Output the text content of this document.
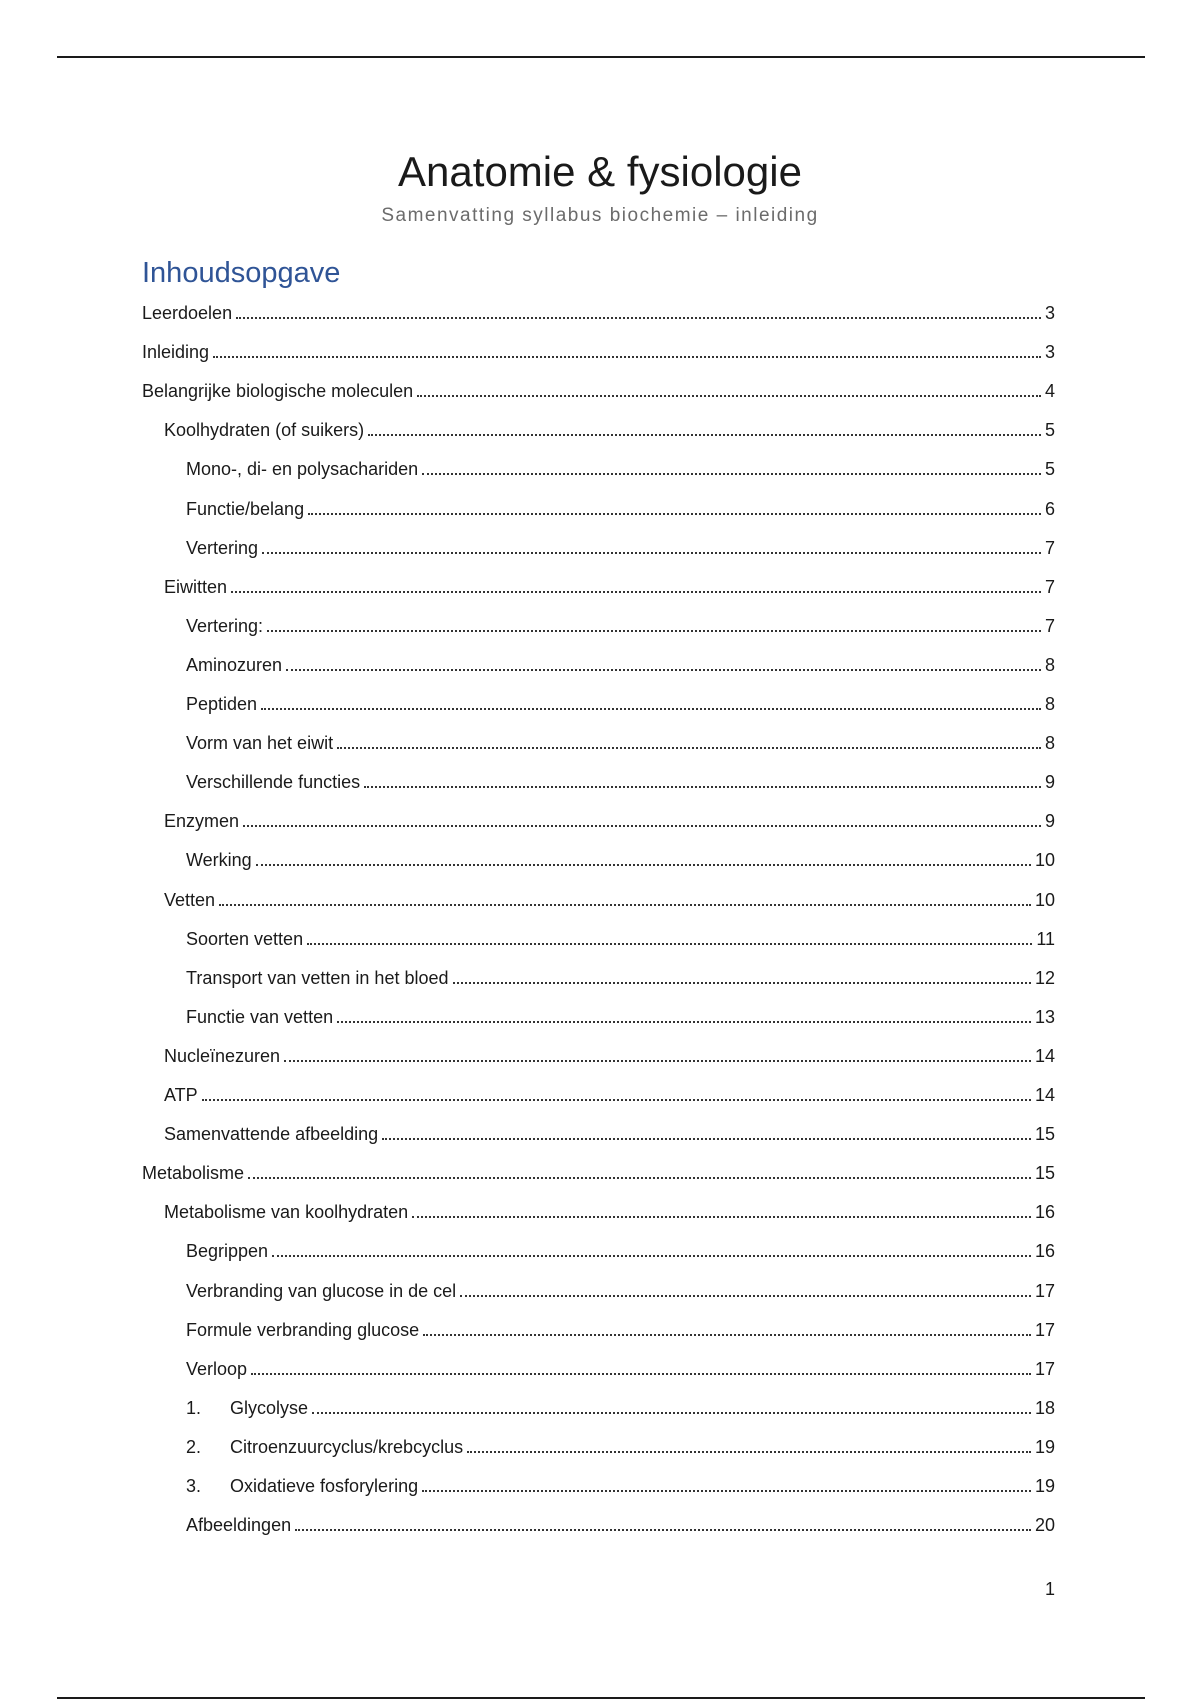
Anatomie & fysiologie
Samenvatting syllabus biochemie – inleiding
Inhoudsopgave
Leerdoelen	3
Inleiding	3
Belangrijke biologische moleculen	4
Koolhydraten (of suikers)	5
Mono-, di- en polysachariden	5
Functie/belang	6
Vertering	7
Eiwitten	7
Vertering:	7
Aminozuren	8
Peptiden	8
Vorm van het eiwit	8
Verschillende functies	9
Enzymen	9
Werking	10
Vetten	10
Soorten vetten	11
Transport van vetten in het bloed	12
Functie van vetten	13
Nucleïnezuren	14
ATP	14
Samenvattende afbeelding	15
Metabolisme	15
Metabolisme van koolhydraten	16
Begrippen	16
Verbranding van glucose in de cel	17
Formule verbranding glucose	17
Verloop	17
1. Glycolyse	18
2. Citroenzuurcyclus/krebcyclus	19
3. Oxidatieve fosforylering	19
Afbeeldingen	20
1
